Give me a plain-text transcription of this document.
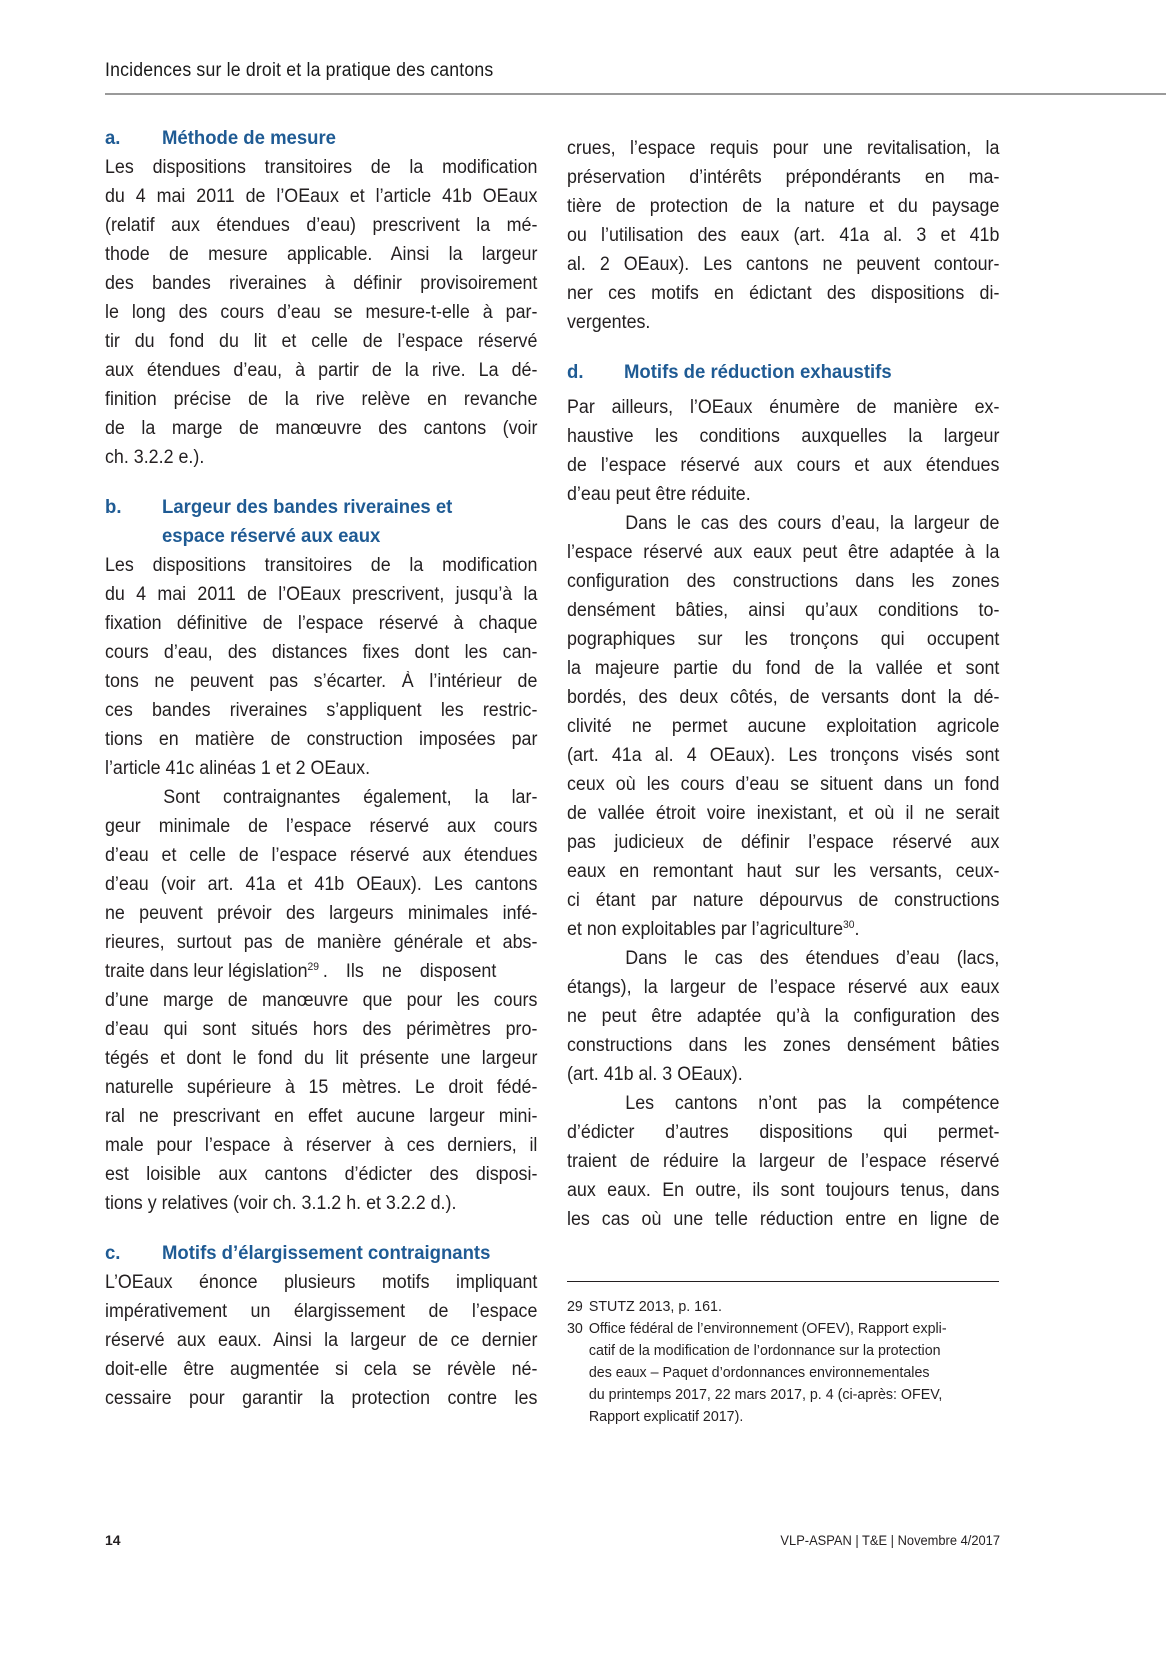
Incidences sur le droit et la pratique des cantons
a.	Méthode de mesure
Les dispositions transitoires de la modification
du 4 mai 2011 de l’OEaux et l’article 41b OEaux
(relatif aux étendues d’eau) prescrivent la mé-
thode de mesure applicable. Ainsi la largeur
des bandes riveraines à définir provisoirement
le long des cours d’eau se mesure-t-elle à par-
tir du fond du lit et celle de l’espace réservé
aux étendues d’eau, à partir de la rive. La dé-
finition précise de la rive relève en revanche
de la marge de manœuvre des cantons (voir
ch. 3.2.2 e.).
b.	Largeur des bandes riveraines et
espace réservé aux eaux
Les dispositions transitoires de la modification
du 4 mai 2011 de l’OEaux prescrivent, jusqu’à la
fixation définitive de l’espace réservé à chaque
cours d’eau, des distances fixes dont les can-
tons ne peuvent pas s’écarter. À l’intérieur de
ces bandes riveraines s’appliquent les restric-
tions en matière de construction imposées par
l’article 41c alinéas 1 et 2 OEaux.
Sont contraignantes également, la lar-
geur minimale de l’espace réservé aux cours
d’eau et celle de l’espace réservé aux étendues
d’eau (voir art. 41a et 41b OEaux). Les cantons
ne peuvent prévoir des largeurs minimales infé-
rieures, surtout pas de manière générale et abs-
traite dans leur législation$^{29}$ . Ils ne disposent
d’une marge de manœuvre que pour les cours
d’eau qui sont situés hors des périmètres pro-
tégés et dont le fond du lit présente une largeur
naturelle supérieure à 15 mètres. Le droit fédé-
ral ne prescrivant en effet aucune largeur mini-
male pour l’espace à réserver à ces derniers, il
est loisible aux cantons d’édicter des disposi-
tions y relatives (voir ch. 3.1.2 h. et 3.2.2 d.).
c.	Motifs d’élargissement contraignants
L’OEaux énonce plusieurs motifs impliquant
impérativement un élargissement de l’espace
réservé aux eaux. Ainsi la largeur de ce dernier
doit-elle être augmentée si cela se révèle né-
cessaire pour garantir la protection contre les
crues, l’espace requis pour une revitalisation, la
préservation d’intérêts prépondérants en ma-
tière de protection de la nature et du paysage
ou l’utilisation des eaux (art. 41a al. 3 et 41b
al. 2 OEaux). Les cantons ne peuvent contour-
ner ces motifs en édictant des dispositions di-
vergentes.
d.	Motifs de réduction exhaustifs
Par ailleurs, l’OEaux énumère de manière ex-
haustive les conditions auxquelles la largeur
de l’espace réservé aux cours et aux étendues
d’eau peut être réduite.
Dans le cas des cours d’eau, la largeur de
l’espace réservé aux eaux peut être adaptée à la
configuration des constructions dans les zones
densément bâties, ainsi qu’aux conditions to-
pographiques sur les tronçons qui occupent
la majeure partie du fond de la vallée et sont
bordés, des deux côtés, de versants dont la dé-
clivité ne permet aucune exploitation agricole
(art. 41a al. 4 OEaux). Les tronçons visés sont
ceux où les cours d’eau se situent dans un fond
de vallée étroit voire inexistant, et où il ne serait
pas judicieux de définir l’espace réservé aux
eaux en remontant haut sur les versants, ceux-
ci étant par nature dépourvus de constructions
et non exploitables par l’agriculture$^{30}$.
Dans le cas des étendues d’eau (lacs,
étangs), la largeur de l’espace réservé aux eaux
ne peut être adaptée qu’à la configuration des
constructions dans les zones densément bâties
(art. 41b al. 3 OEaux).
Les cantons n’ont pas la compétence
d’édicter d’autres dispositions qui permet-
traient de réduire la largeur de l’espace réservé
aux eaux. En outre, ils sont toujours tenus, dans
les cas où une telle réduction entre en ligne de
29 STUTZ 2013, p. 161.
30 Office fédéral de l’environnement (OFEV), Rapport expli-
catif de la modification de l’ordonnance sur la protection
des eaux – Paquet d’ordonnances environnementales
du printemps 2017, 22 mars 2017, p. 4 (ci-après: OFEV,
Rapport explicatif 2017).
14	VLP-ASPAN | T&E | Novembre 4/2017
